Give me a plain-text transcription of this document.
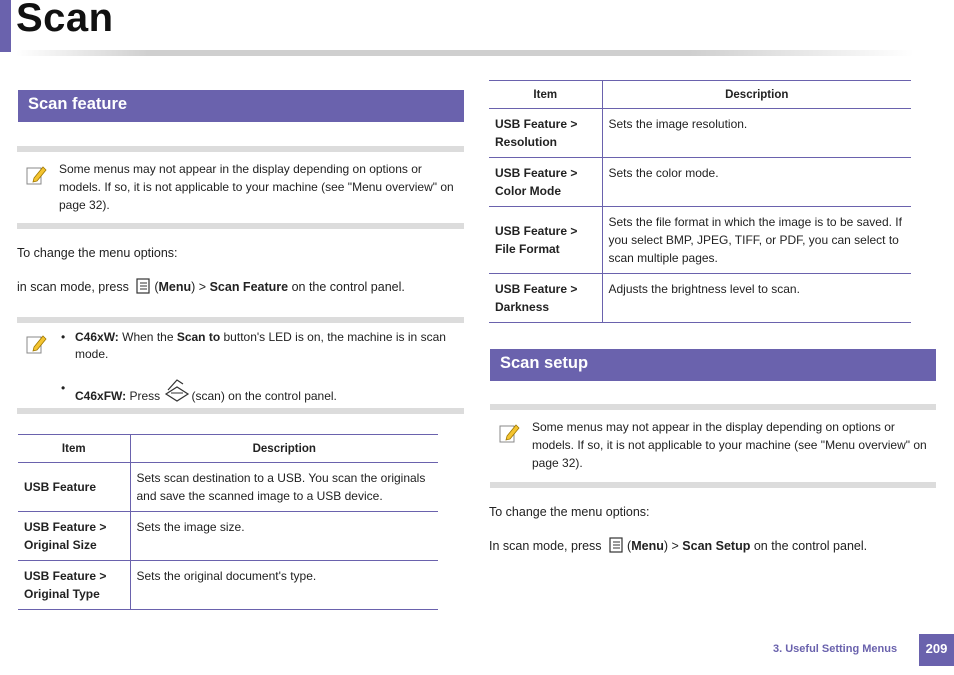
Scan
Scan feature
Some menus may not appear in the display depending on options or models. If so, it is not applicable to your machine (see "Menu overview" on page 32).
To change the menu options:
in scan mode, press (Menu) > Scan Feature on the control panel.
• C46xW: When the Scan to button's LED is on, the machine is in scan mode.
•
C46xFW: Press (scan) on the control panel.
Item	Description
USB Feature	Sets scan destination to a USB. You scan the originals and save the scanned image to a USB device.
USB Feature > Original Size	Sets the image size.
USB Feature > Original Type	Sets the original document's type.
Item	Description
USB Feature > Resolution	Sets the image resolution.
USB Feature > Color Mode	Sets the color mode.
USB Feature > File Format	Sets the file format in which the image is to be saved. If you select BMP, JPEG, TIFF, or PDF, you can select to scan multiple pages.
USB Feature > Darkness	Adjusts the brightness level to scan.
Scan setup
Some menus may not appear in the display depending on options or models. If so, it is not applicable to your machine (see "Menu overview" on page 32).
To change the menu options:
In scan mode, press (Menu) > Scan Setup on the control panel.
3. Useful Setting Menus	209
